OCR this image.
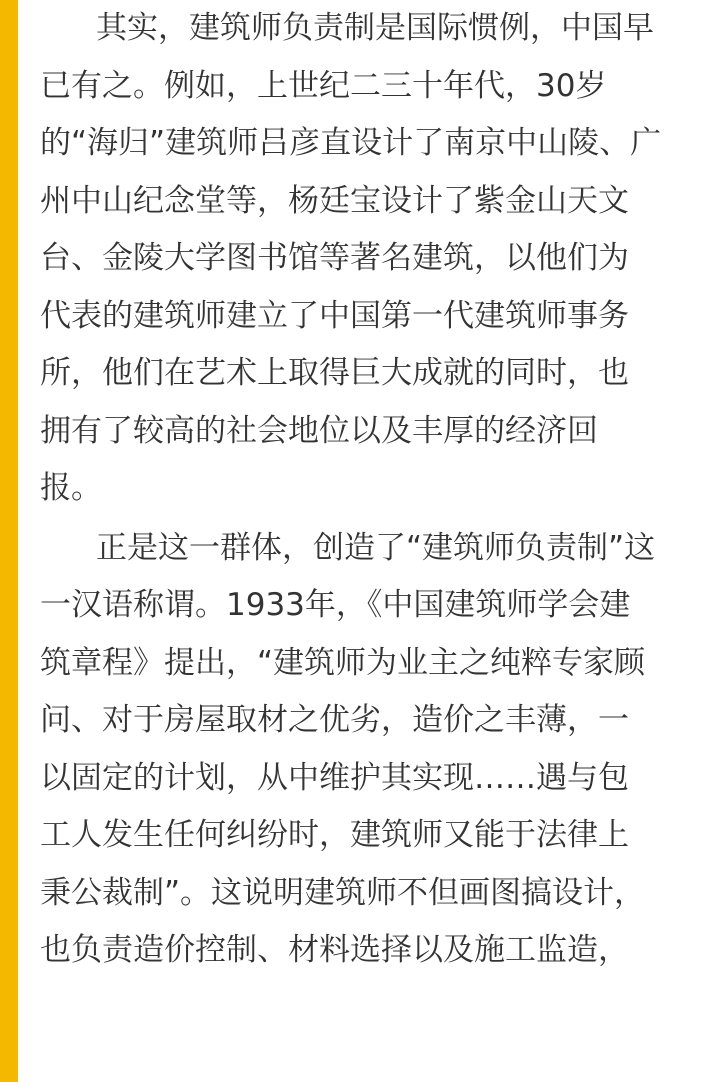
其实，建筑师负责制是国际惯例，中国早
已有之。例如，上世纪二三十年代，30岁
的“海归”建筑师吕彦直设计了南京中山陵、广
州中山纪念堂等，杨廷宝设计了紫金山天文
台、金陵大学图书馆等著名建筑，以他们为
代表的建筑师建立了中国第一代建筑师事务
所，他们在艺术上取得巨大成就的同时，也
拥有了较高的社会地位以及丰厚的经济回
报。
正是这一群体，创造了“建筑师负责制”这
一汉语称谓。1933年，《中国建筑师学会建
筑章程》提出，“建筑师为业主之纯粹专家顾
问、对于房屋取材之优劣，造价之丰薄，一
以固定的计划，从中维护其实现……遇与包
工人发生任何纠纷时，建筑师又能于法律上
秉公裁制”。这说明建筑师不但画图搞设计，
也负责造价控制、材料选择以及施工监造，
